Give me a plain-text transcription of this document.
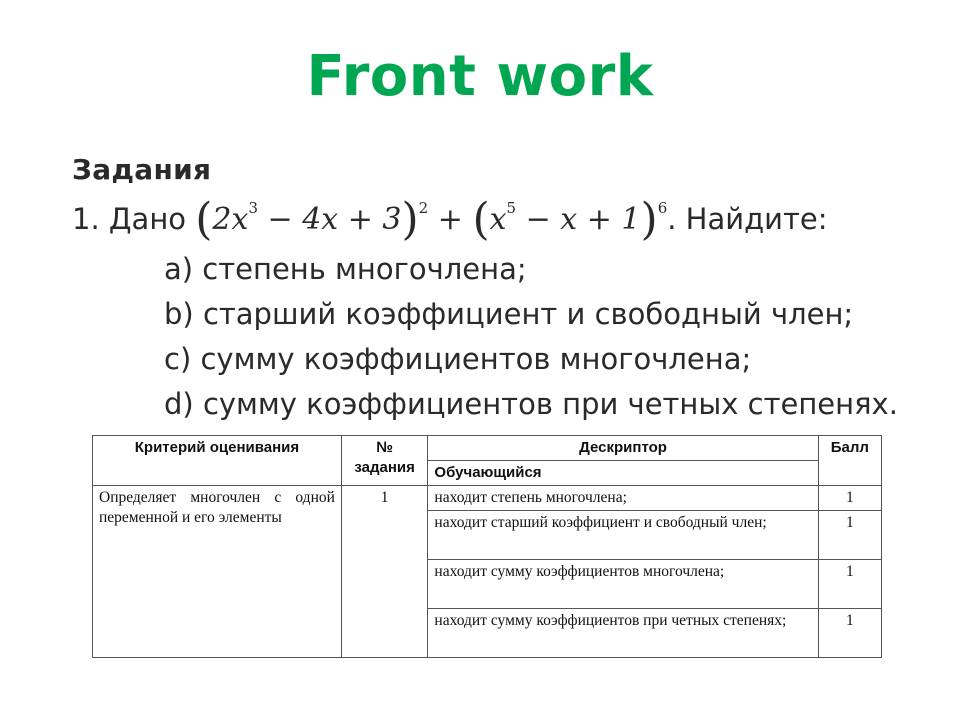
Front work
Задания
1. Дано $(2x^3 - 4x + 3)^2 + (x^5 - x + 1)^6$. Найдите:
а) степень многочлена;
b) старший коэффициент и свободный член;
с) сумму коэффициентов многочлена;
d) сумму коэффициентов при четных степенях.
Критерий оценивания	№ задания	Дескриптор	Балл
		Обучающийся	
Определяет многочлен с одной переменной и его элементы	1	находит степень многочлена;	1
		находит старший коэффициент и свободный член;	1
		находит сумму коэффициентов многочлена;	1
		находит сумму коэффициентов при четных степенях;	1
